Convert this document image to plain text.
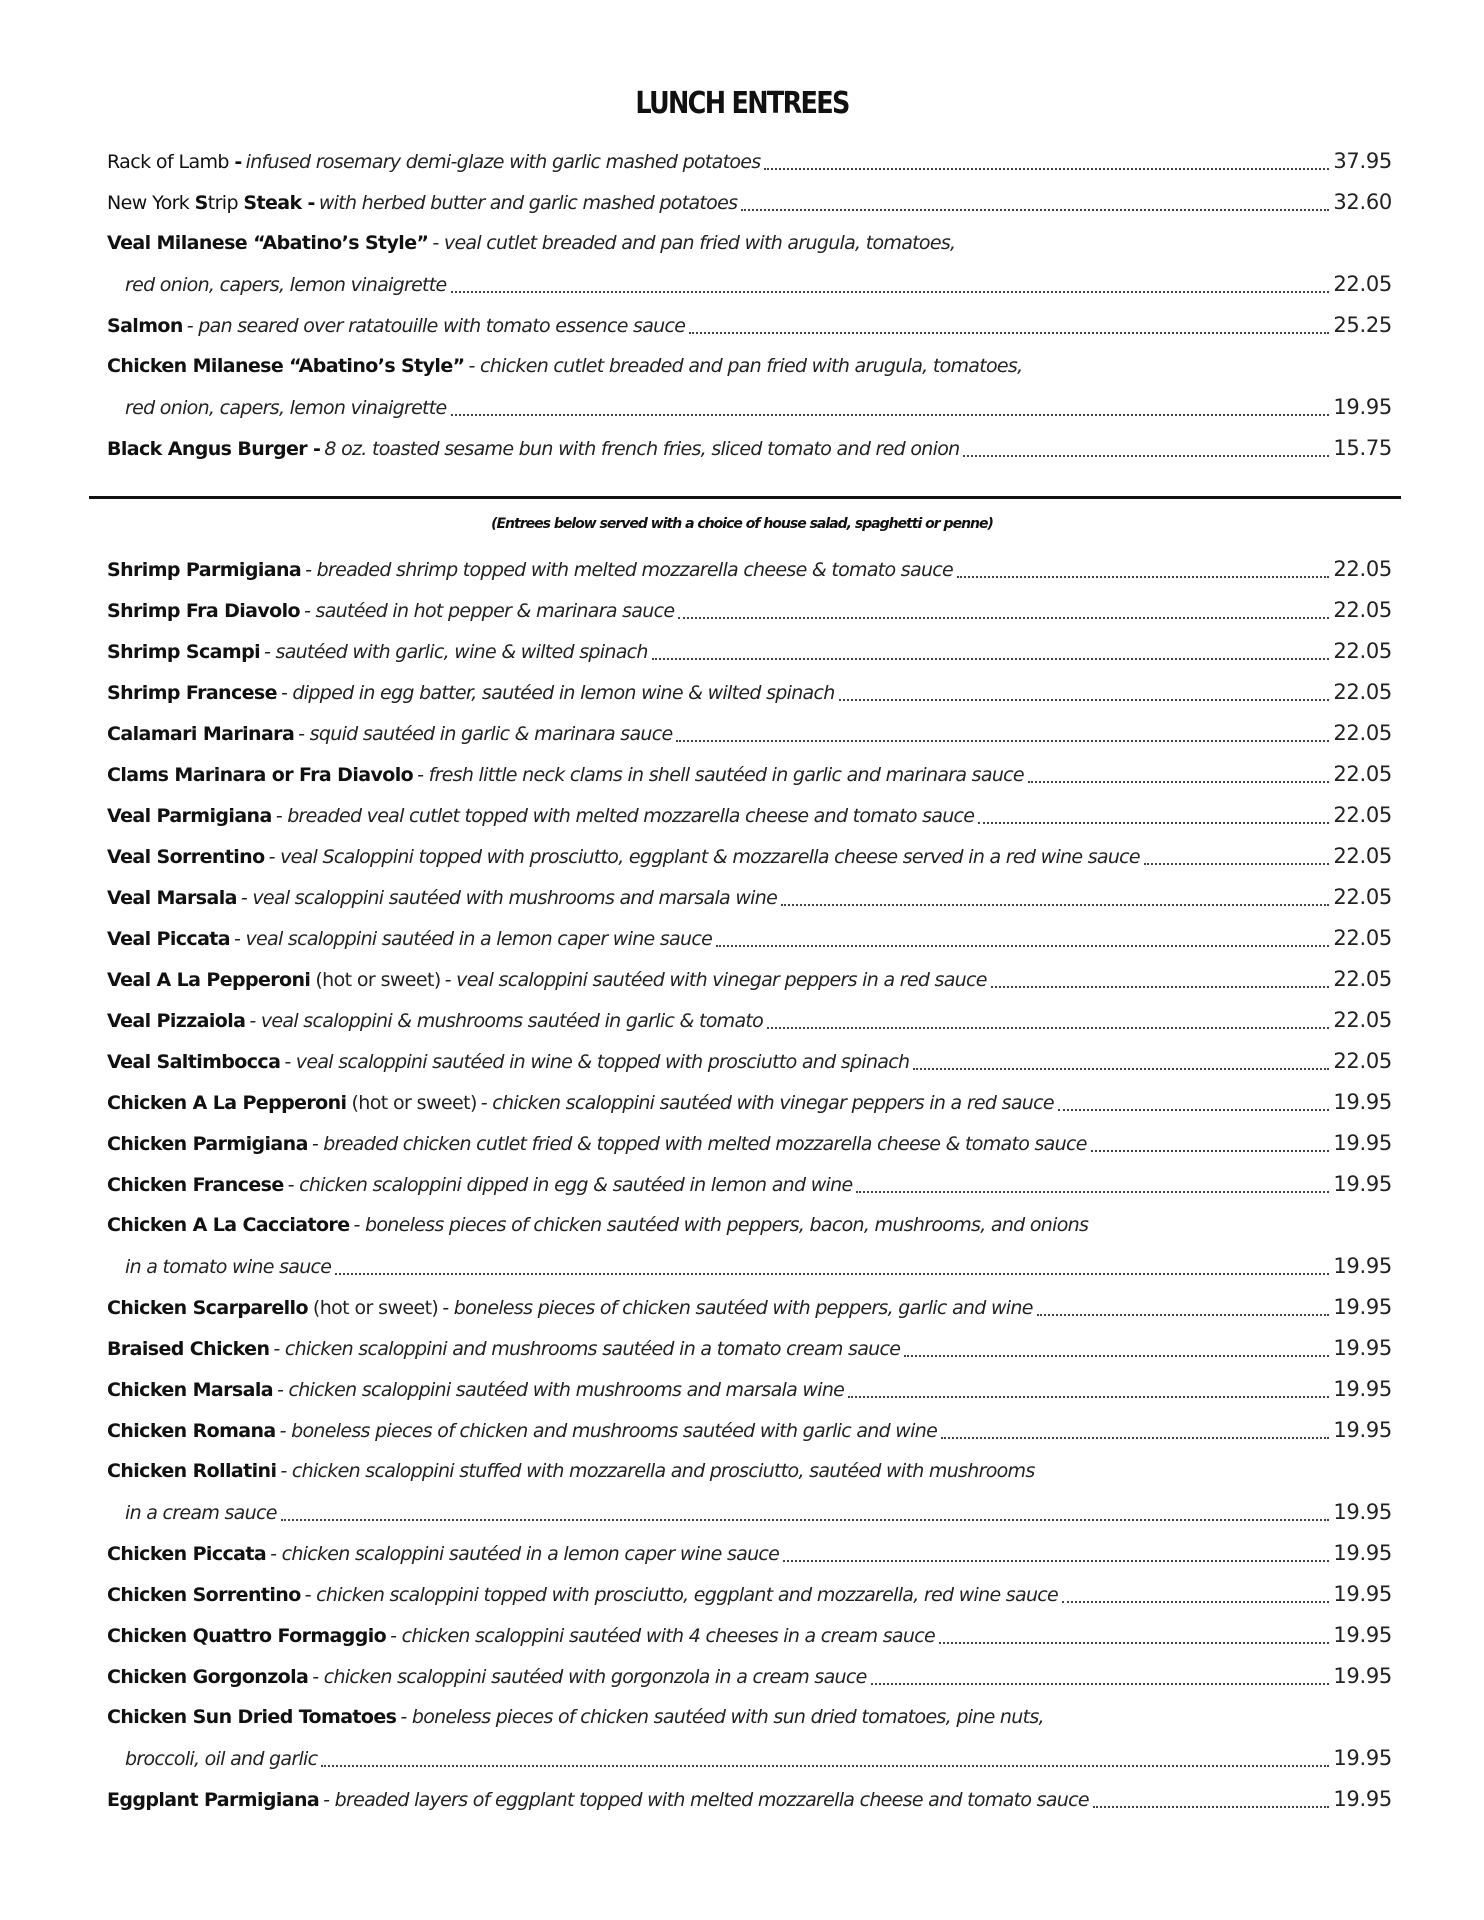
LUNCH ENTREES
Rack of Lamb - infused rosemary demi-glaze with garlic mashed potatoes	37.95
New York Strip Steak - with herbed butter and garlic mashed potatoes	32.60
Veal Milanese “Abatino’s Style” - veal cutlet breaded and pan fried with arugula, tomatoes,
red onion, capers, lemon vinaigrette	22.05
Salmon - pan seared over ratatouille with tomato essence sauce	25.25
Chicken Milanese “Abatino’s Style” - chicken cutlet breaded and pan fried with arugula, tomatoes,
red onion, capers, lemon vinaigrette	19.95
Black Angus Burger - 8 oz. toasted sesame bun with french fries, sliced tomato and red onion	15.75
(Entrees below served with a choice of house salad, spaghetti or penne)
Shrimp Parmigiana - breaded shrimp topped with melted mozzarella cheese & tomato sauce	22.05
Shrimp Fra Diavolo - sautéed in hot pepper & marinara sauce	22.05
Shrimp Scampi - sautéed with garlic, wine & wilted spinach	22.05
Shrimp Francese - dipped in egg batter, sautéed in lemon wine & wilted spinach	22.05
Calamari Marinara - squid sautéed in garlic & marinara sauce	22.05
Clams Marinara or Fra Diavolo - fresh little neck clams in shell sautéed in garlic and marinara sauce	22.05
Veal Parmigiana - breaded veal cutlet topped with melted mozzarella cheese and tomato sauce	22.05
Veal Sorrentino - veal Scaloppini topped with prosciutto, eggplant & mozzarella cheese served in a red wine sauce	22.05
Veal Marsala - veal scaloppini sautéed with mushrooms and marsala wine	22.05
Veal Piccata - veal scaloppini sautéed in a lemon caper wine sauce	22.05
Veal A La Pepperoni (hot or sweet) - veal scaloppini sautéed with vinegar peppers in a red sauce	22.05
Veal Pizzaiola - veal scaloppini & mushrooms sautéed in garlic & tomato	22.05
Veal Saltimbocca - veal scaloppini sautéed in wine & topped with prosciutto and spinach	22.05
Chicken A La Pepperoni (hot or sweet) - chicken scaloppini sautéed with vinegar peppers in a red sauce	19.95
Chicken Parmigiana - breaded chicken cutlet fried & topped with melted mozzarella cheese & tomato sauce	19.95
Chicken Francese - chicken scaloppini dipped in egg & sautéed in lemon and wine	19.95
Chicken A La Cacciatore - boneless pieces of chicken sautéed with peppers, bacon, mushrooms, and onions
in a tomato wine sauce	19.95
Chicken Scarparello (hot or sweet) - boneless pieces of chicken sautéed with peppers, garlic and wine	19.95
Braised Chicken - chicken scaloppini and mushrooms sautéed in a tomato cream sauce	19.95
Chicken Marsala - chicken scaloppini sautéed with mushrooms and marsala wine	19.95
Chicken Romana - boneless pieces of chicken and mushrooms sautéed with garlic and wine	19.95
Chicken Rollatini - chicken scaloppini stuffed with mozzarella and prosciutto, sautéed with mushrooms
in a cream sauce	19.95
Chicken Piccata - chicken scaloppini sautéed in a lemon caper wine sauce	19.95
Chicken Sorrentino - chicken scaloppini topped with prosciutto, eggplant and mozzarella, red wine sauce	19.95
Chicken Quattro Formaggio - chicken scaloppini sautéed with 4 cheeses in a cream sauce	19.95
Chicken Gorgonzola - chicken scaloppini sautéed with gorgonzola in a cream sauce	19.95
Chicken Sun Dried Tomatoes - boneless pieces of chicken sautéed with sun dried tomatoes, pine nuts,
broccoli, oil and garlic	19.95
Eggplant Parmigiana - breaded layers of eggplant topped with melted mozzarella cheese and tomato sauce	19.95
